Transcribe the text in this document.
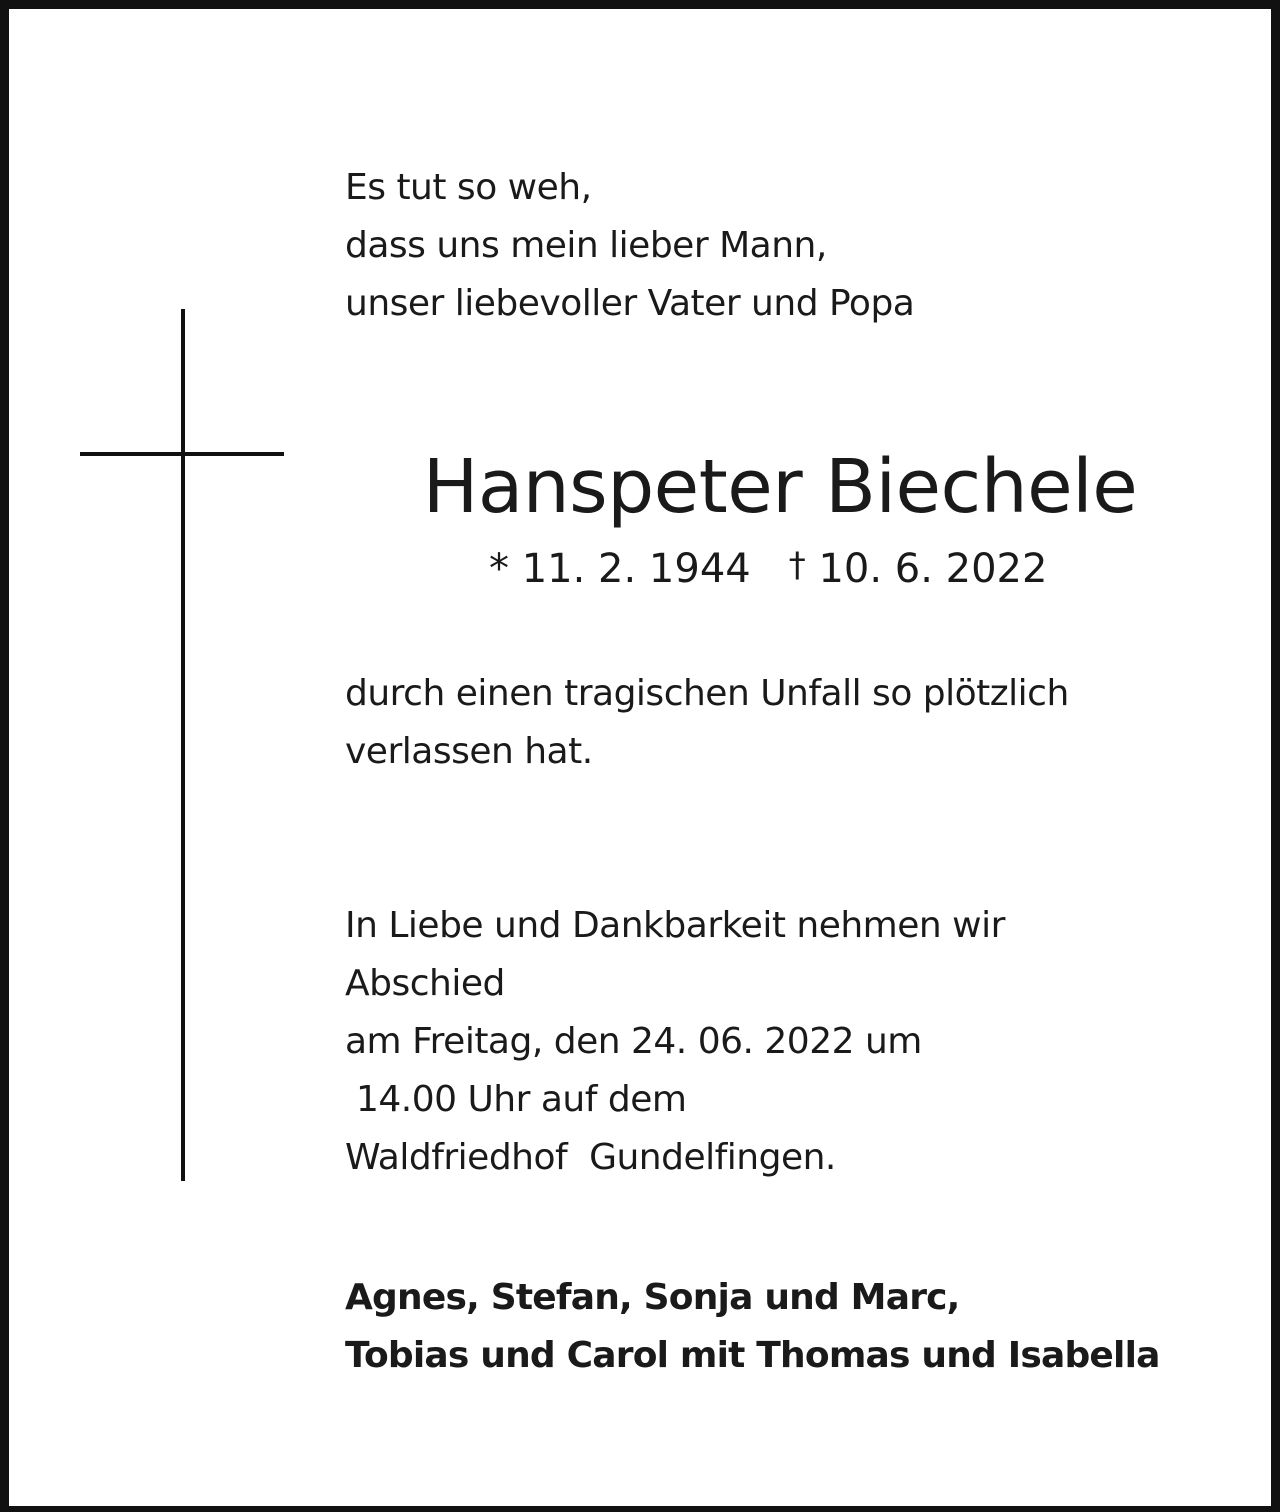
Es tut so weh,
dass uns mein lieber Mann,
unser liebevoller Vater und Popa
Hanspeter Biechele
* 11. 2. 1944 † 10. 6. 2022
durch einen tragischen Unfall so plötzlich
verlassen hat.
In Liebe und Dankbarkeit nehmen wir
Abschied
am Freitag, den 24. 06. 2022 um
14.00 Uhr auf dem
Waldfriedhof  Gundelfingen.
Agnes, Stefan, Sonja und Marc,
Tobias und Carol mit Thomas und Isabella
